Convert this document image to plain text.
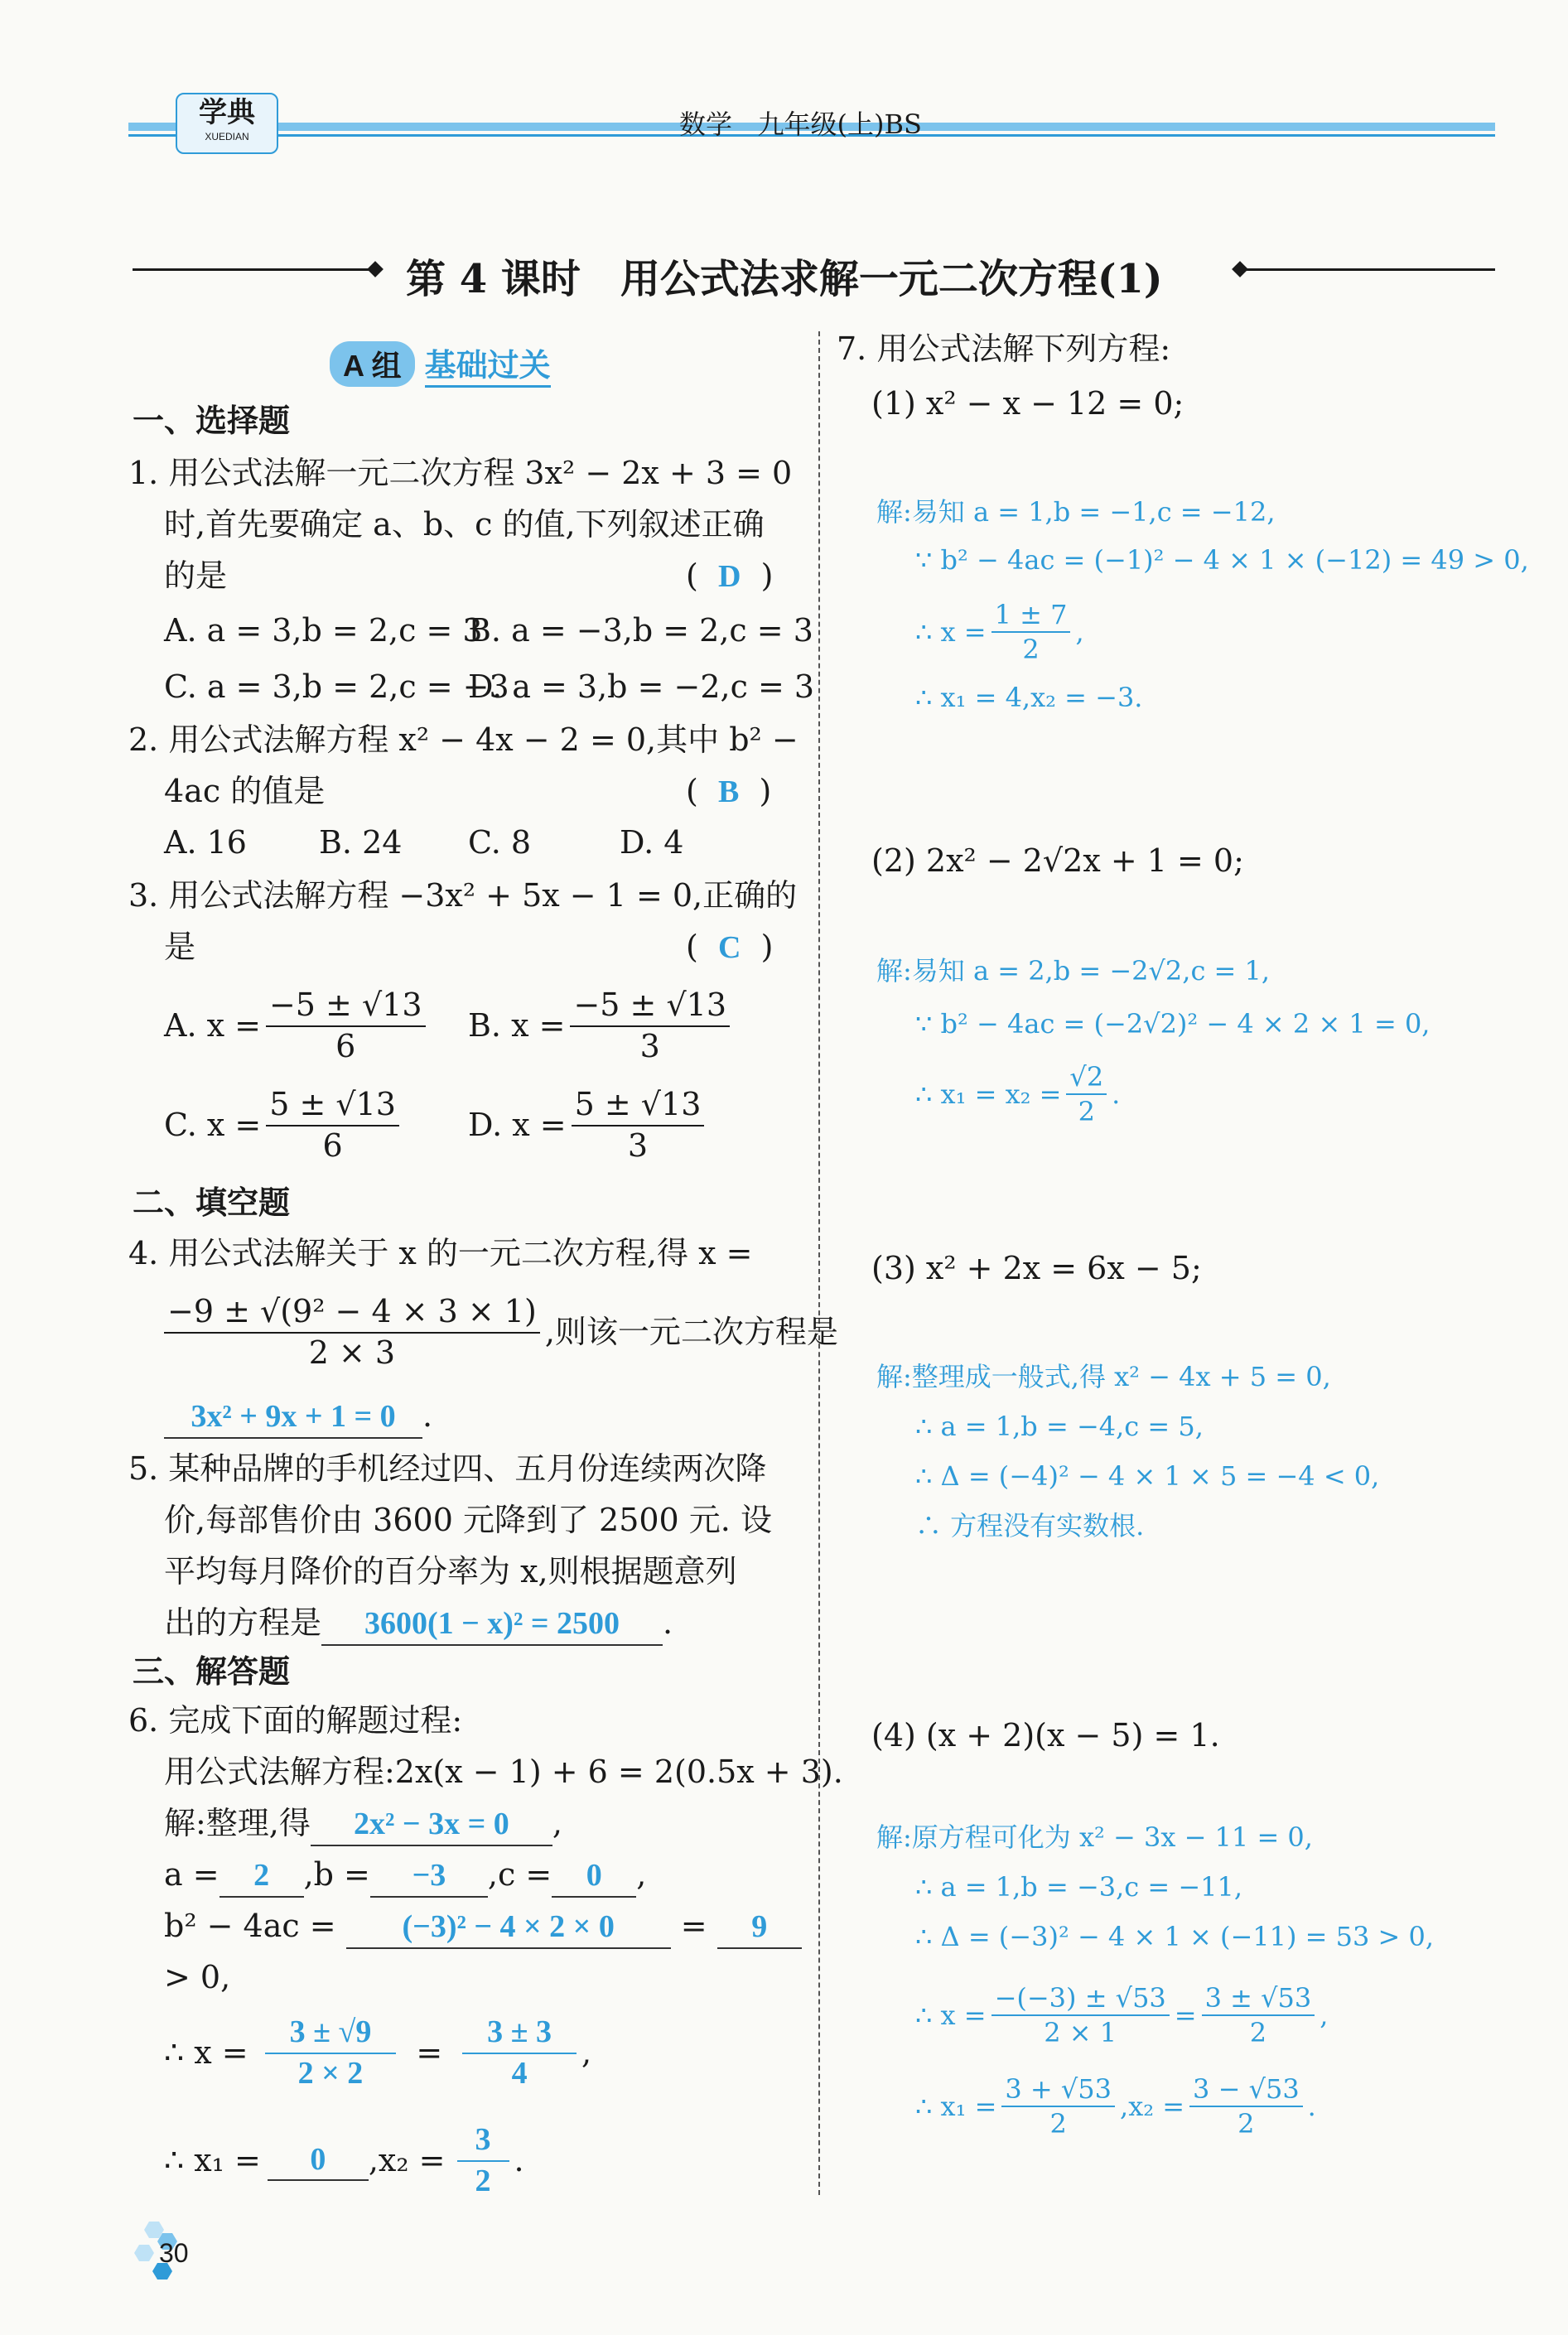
学典
XUEDIAN	数学 九年级(上)BS
第 4 课时　用公式法求解一元二次方程(1)
A 组 基础过关
一、选择题
1. 用公式法解一元二次方程 3x² − 2x + 3 = 0
时,首先要确定 a、b、c 的值,下列叙述正确
的是	(  D  )
A. a = 3,b = 2,c = 3
B. a = −3,b = 2,c = 3
C. a = 3,b = 2,c = −3
D. a = 3,b = −2,c = 3
2. 用公式法解方程 x² − 4x − 2 = 0,其中 b² −
4ac 的值是	(  B  )
A. 16 B. 24 C. 8	D. 4
3. 用公式法解方程 −3x² + 5x − 1 = 0,正确的
是	(  C  )
A. $x = \frac{-5 \pm √13}{6} B$. $x = \frac{-5 \pm √13}{3}$
C. $x = \frac{5 \pm √13}{6} D$. $x = \frac{5 \pm √13}{3}$
二、填空题
4. 用公式法解关于 x 的一元二次方程,得 x =
$\frac{\text{−9 ± √(9² − 4 × 3 × 1)}}{2 \times 3}$ ,则该一元二次方程是
3x² + 9x + 1 = 0 .
5. 某种品牌的手机经过四、五月份连续两次降
价,每部售价由 3600 元降到了 2500 元. 设
平均每月降价的百分率为 x,则根据题意列
出的方程是 3600(1 − x)² = 2500 .
三、解答题
6. 完成下面的解题过程:
用公式法解方程:2x(x − 1) + 6 = 2(0.5x + 3).
解:整理,得 2x² − 3x = 0 ,
a = 2 ,b = −3 ,c = 0 ,
b² − 4ac = (−3)² − 4 × 2 × 0 = 9
> 0,
∴ $x = \frac{3 \pm √9}{2 \times 2} = \frac{3 \pm 3}{4}$ ,
∴ x₁ =	0	$,x_2 = \frac{3}{2}$ .
7. 用公式法解下列方程:
(1) x² − x − 12 = 0;
解:易知 a = 1,b = −1,c = −12,
∵ b² − 4ac = (−1)² − 4 × 1 × (−12) = 49 > 0,
∴ $x = \frac{1 \pm 7}{2}$ ,
∴ x₁ = 4,x₂ = −3.
(2) 2x² − 2√2x + 1 = 0;
解:易知 a = 2,b = −2√2,c = 1,
∵ b² − 4ac = (−2√2)² − 4 × 2 × 1 = 0,
∴ $x_1 = x_2 = \frac{√2}{2}$ .
(3) x² + 2x = 6x − 5;
解:整理成一般式,得 x² − 4x + 5 = 0,
∴ a = 1,b = −4,c = 5,
∴ Δ = (−4)² − 4 × 1 × 5 = −4 < 0,
∴ 方程没有实数根.
(4) (x + 2)(x − 5) = 1.
解:原方程可化为 x² − 3x − 11 = 0,
∴ a = 1,b = −3,c = −11,
∴ Δ = (−3)² − 4 × 1 × (−11) = 53 > 0,
∴ $x = \frac{-(-3) \pm √53}{2 \times 1} = \frac{3 \pm √53}{2}$ ,
∴ $x_1 = \frac{3 + √53}{2} ,x_2 = \frac{3 - √53}{2}$ .
30
